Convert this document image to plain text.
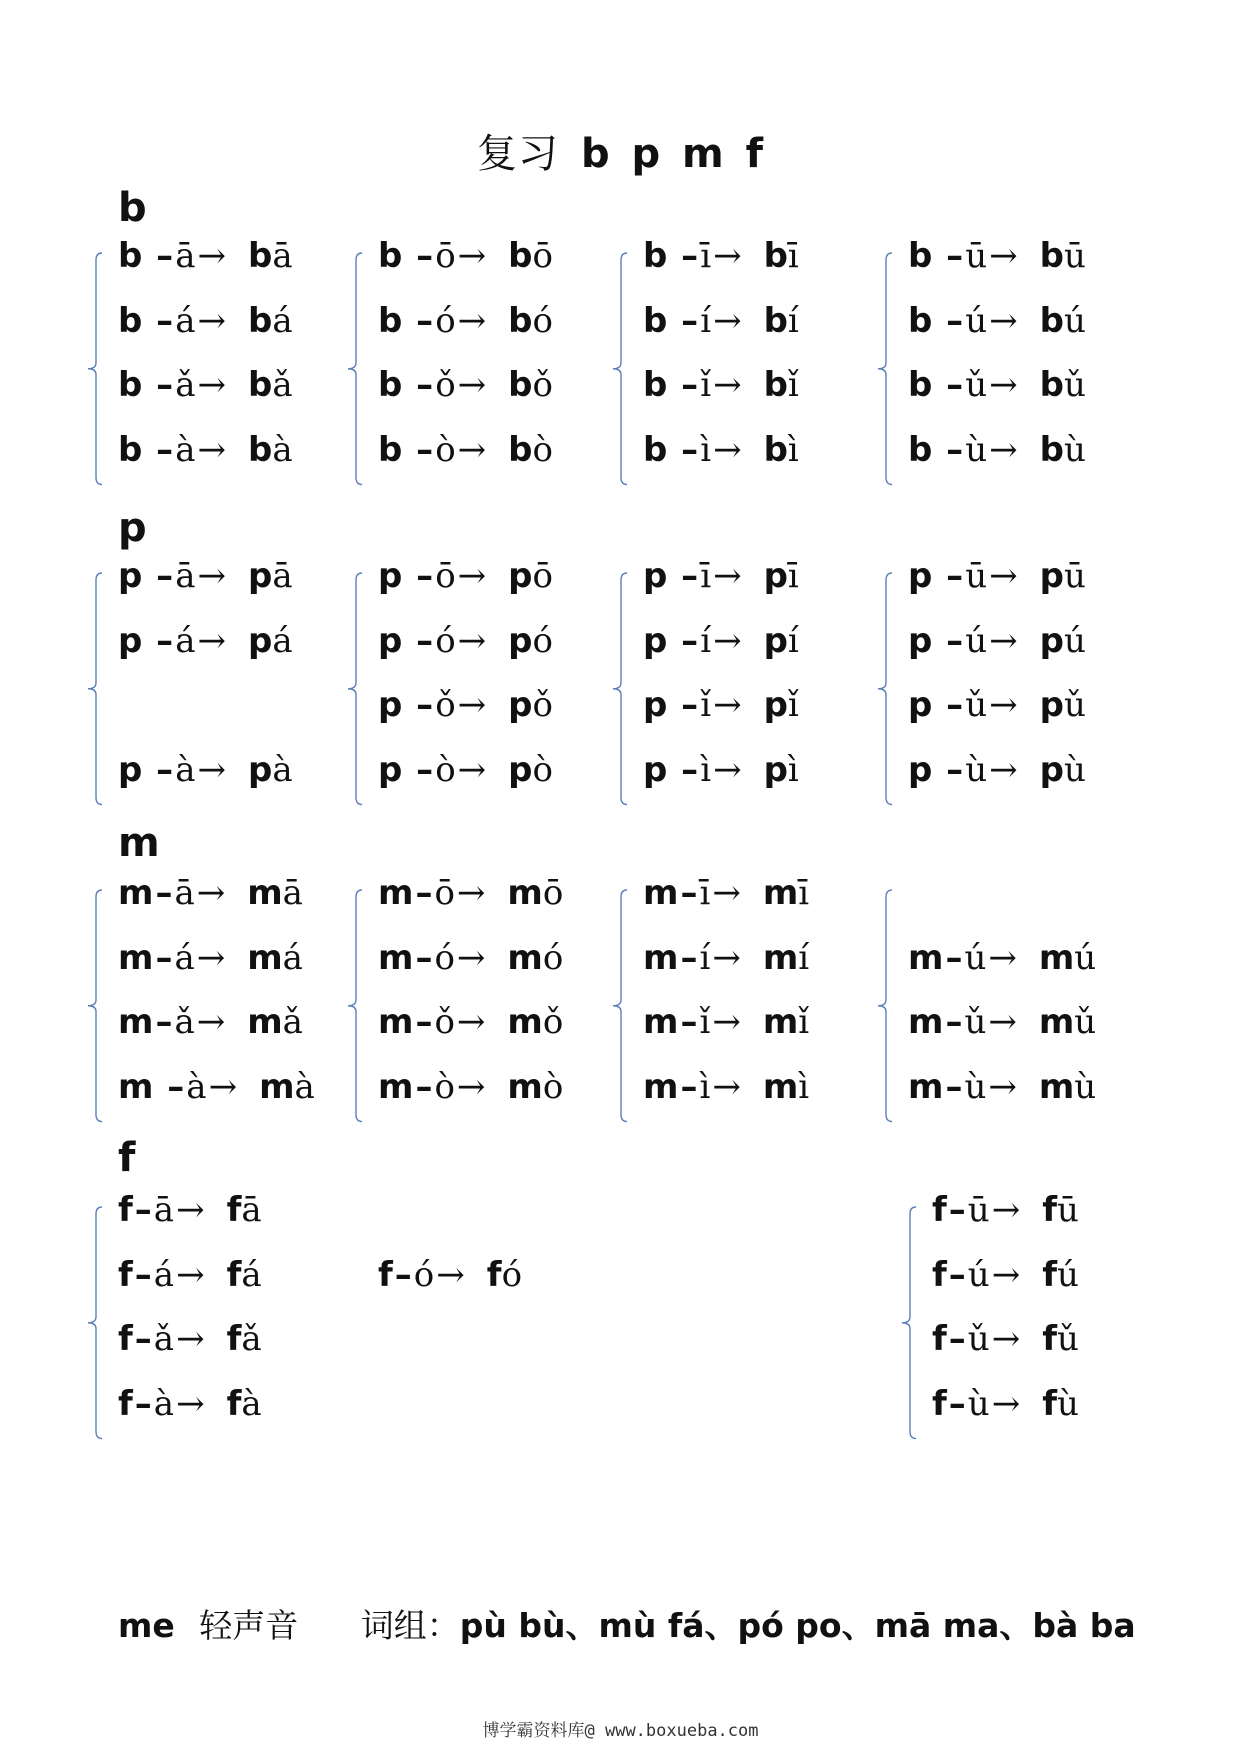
复习 b p m f
b
b –ā→ bā
b –á→ bá
b –ǎ→ bǎ
b –à→ bà
b –ō→ bō
b –ó→ bó
b –ǒ→ bǒ
b –ò→ bò
b –ī→ bī
b –í→ bí
b –ǐ→ bǐ
b –ì→ bì
b –ū→ bū
b –ú→ bú
b –ǔ→ bǔ
b –ù→ bù
p
p –ā→ pā
p –á→ pá
p –à→ pà
p –ō→ pō
p –ó→ pó
p –ǒ→ pǒ
p –ò→ pò
p –ī→ pī
p –í→ pí
p –ǐ→ pǐ
p –ì→ pì
p –ū→ pū
p –ú→ pú
p –ǔ→ pǔ
p –ù→ pù
m
m–ā→ mā
m–á→ má
m–ǎ→ mǎ
m –à→ mà
m–ō→ mō
m–ó→ mó
m–ǒ→ mǒ
m–ò→ mò
m–ī→ mī
m–í→ mí
m–ǐ→ mǐ
m–ì→ mì
m–ú→ mú
m–ǔ→ mǔ
m–ù→ mù
f
f–ā→ fā
f–á→ fá
f–ǎ→ fǎ
f–à→ fà
f–ó→ fó
f–ū→ fū
f–ú→ fú
f–ǔ→ fǔ
f–ù→ fù
me 轻声音 词组：pù bù、mù fá、pó po、mā ma、bà ba
博学霸资料库@ www.boxueba.com
